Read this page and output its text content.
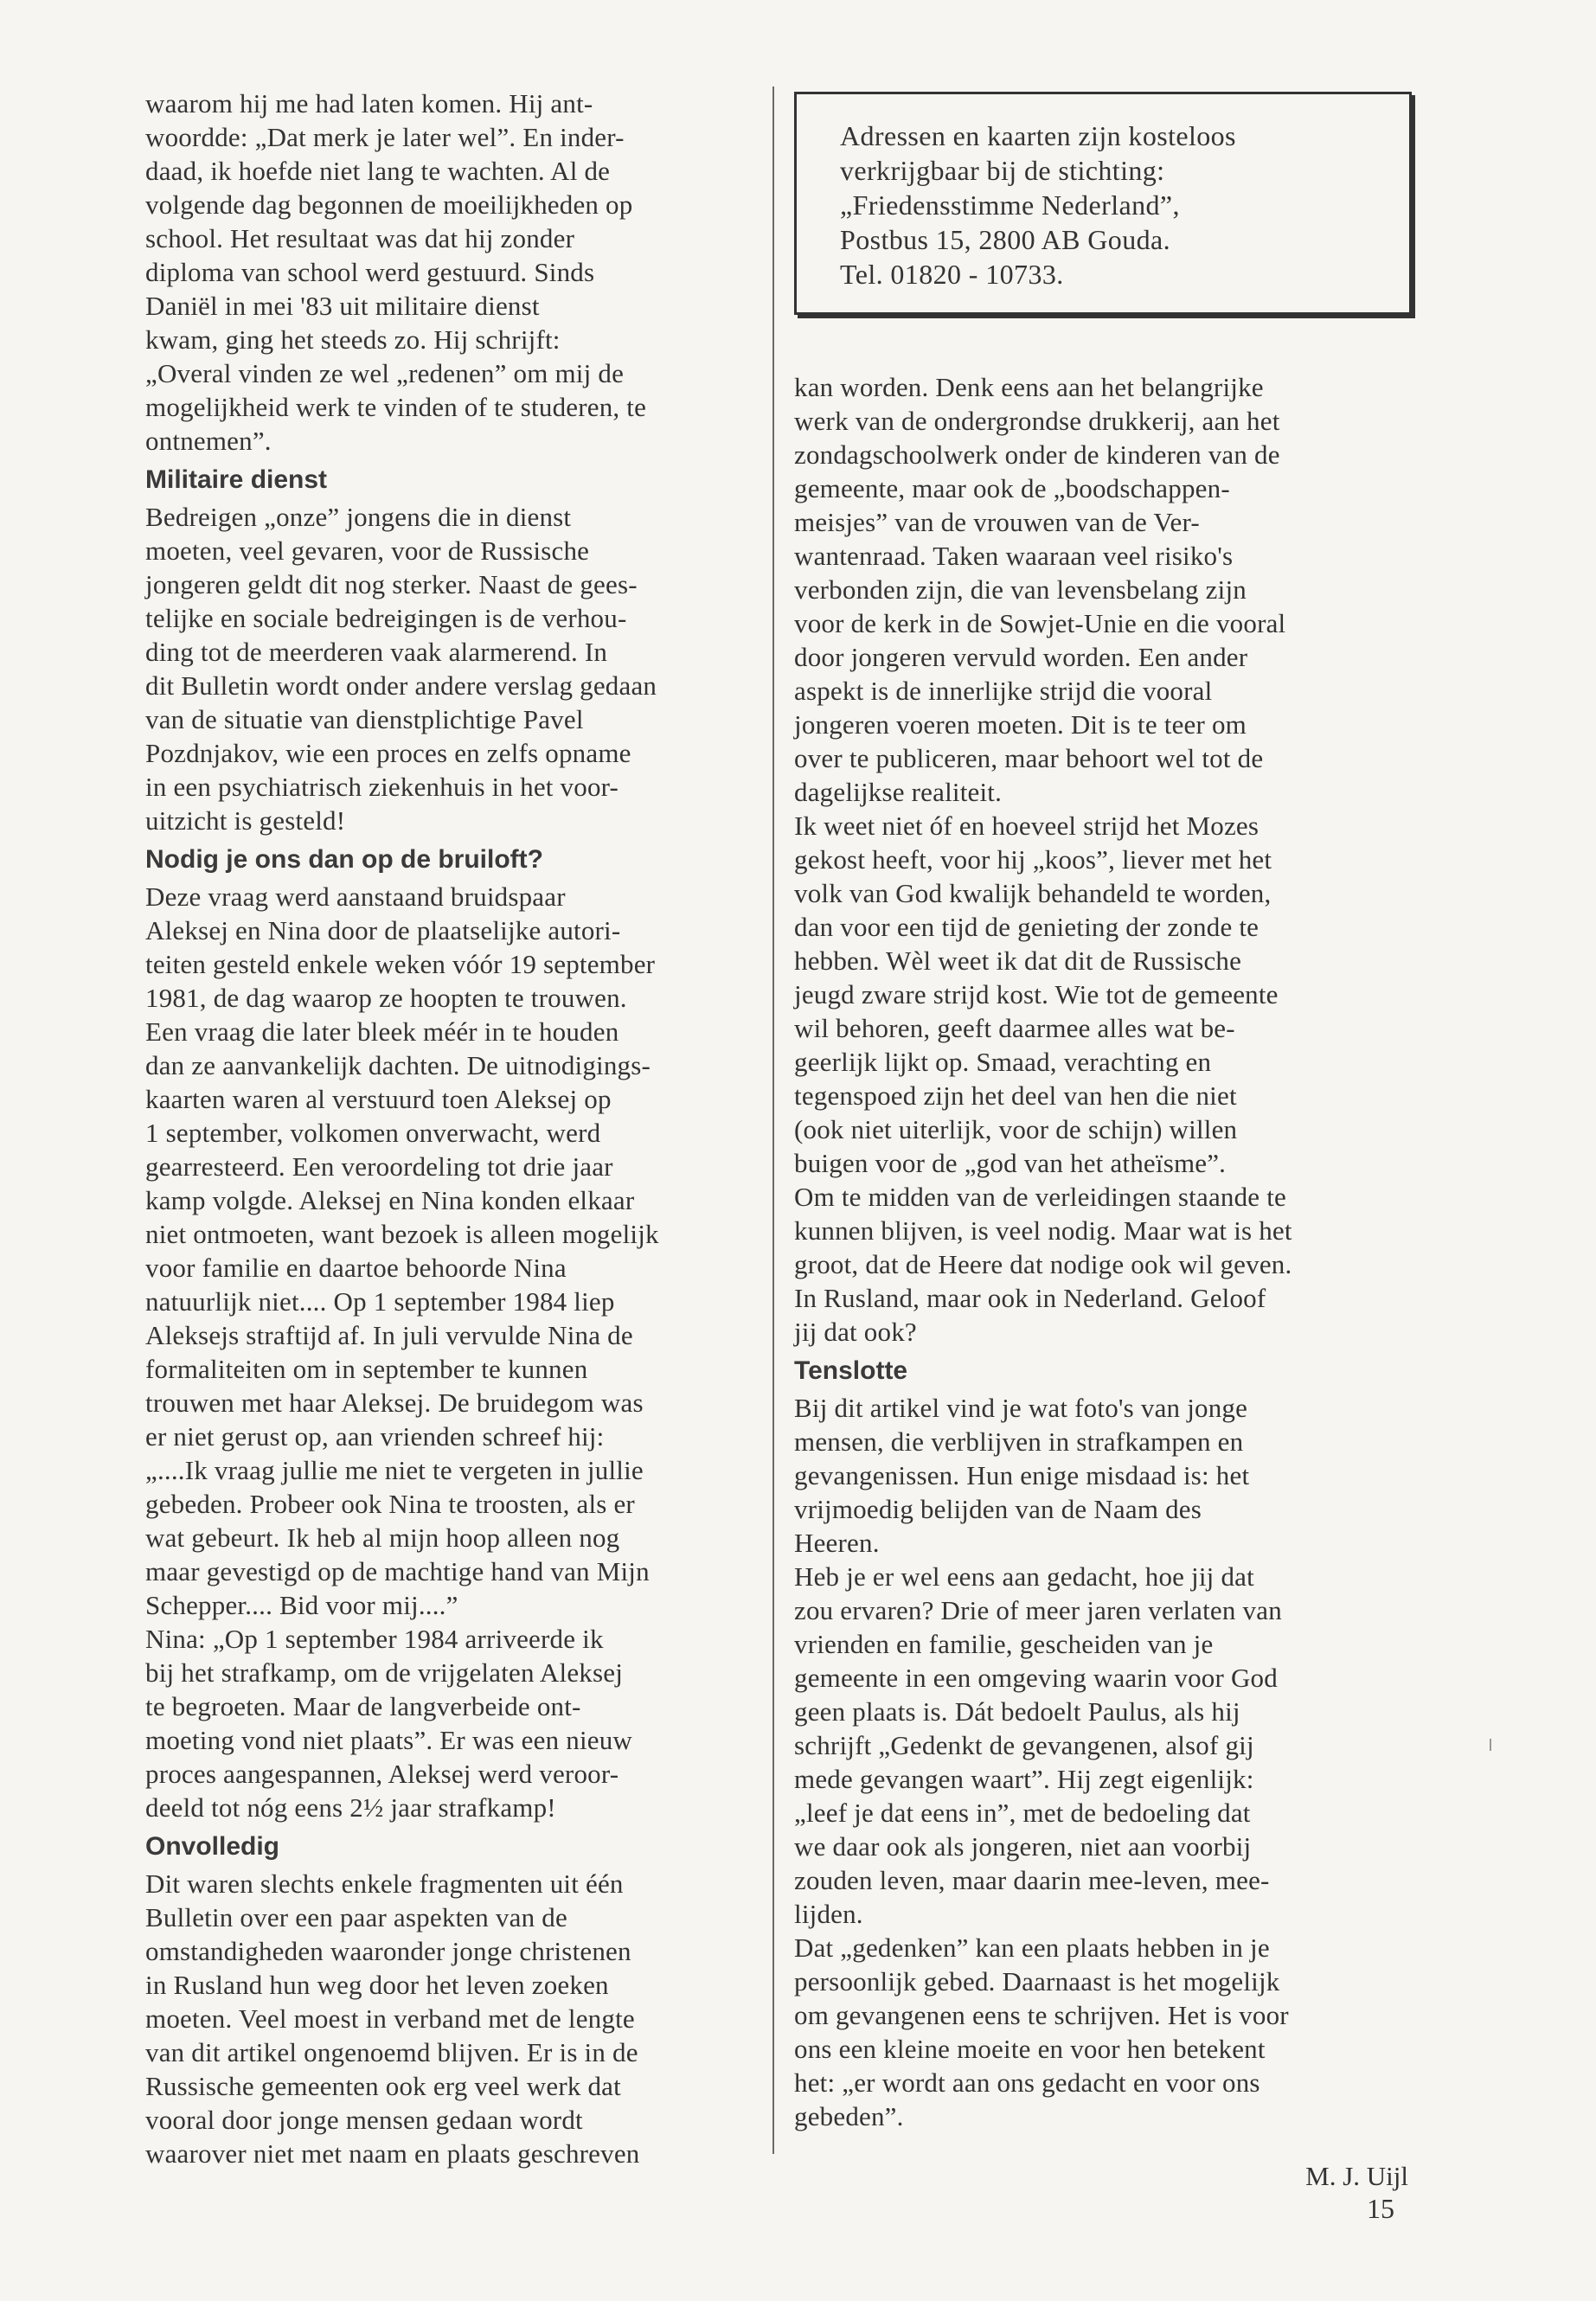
waarom hij me had laten komen. Hij ant-
woordde: „Dat merk je later wel”. En inder-
daad, ik hoefde niet lang te wachten. Al de
volgende dag begonnen de moeilijkheden op
school. Het resultaat was dat hij zonder
diploma van school werd gestuurd. Sinds
Daniël in mei '83 uit militaire dienst
kwam, ging het steeds zo. Hij schrijft:
„Overal vinden ze wel „redenen” om mij de
mogelijkheid werk te vinden of te studeren, te
ontnemen”.

Militaire dienst

Bedreigen „onze” jongens die in dienst
moeten, veel gevaren, voor de Russische
jongeren geldt dit nog sterker. Naast de gees-
telijke en sociale bedreigingen is de verhou-
ding tot de meerderen vaak alarmerend. In
dit Bulletin wordt onder andere verslag gedaan
van de situatie van dienstplichtige Pavel
Pozdnjakov, wie een proces en zelfs opname
in een psychiatrisch ziekenhuis in het voor-
uitzicht is gesteld!

Nodig je ons dan op de bruiloft?

Deze vraag werd aanstaand bruidspaar
Aleksej en Nina door de plaatselijke autori-
teiten gesteld enkele weken vóór 19 september
1981, de dag waarop ze hoopten te trouwen.
Een vraag die later bleek méér in te houden
dan ze aanvankelijk dachten. De uitnodigings-
kaarten waren al verstuurd toen Aleksej op
1 september, volkomen onverwacht, werd
gearresteerd. Een veroordeling tot drie jaar
kamp volgde. Aleksej en Nina konden elkaar
niet ontmoeten, want bezoek is alleen mogelijk
voor familie en daartoe behoorde Nina
natuurlijk niet.... Op 1 september 1984 liep
Aleksejs straftijd af. In juli vervulde Nina de
formaliteiten om in september te kunnen
trouwen met haar Aleksej. De bruidegom was
er niet gerust op, aan vrienden schreef hij:
„....Ik vraag jullie me niet te vergeten in jullie
gebeden. Probeer ook Nina te troosten, als er
wat gebeurt. Ik heb al mijn hoop alleen nog
maar gevestigd op de machtige hand van Mijn
Schepper.... Bid voor mij....”
Nina: „Op 1 september 1984 arriveerde ik
bij het strafkamp, om de vrijgelaten Aleksej
te begroeten. Maar de langverbeide ont-
moeting vond niet plaats”. Er was een nieuw
proces aangespannen, Aleksej werd veroor-
deeld tot nóg eens 2½ jaar strafkamp!

Onvolledig

Dit waren slechts enkele fragmenten uit één
Bulletin over een paar aspekten van de
omstandigheden waaronder jonge christenen
in Rusland hun weg door het leven zoeken
moeten. Veel moest in verband met de lengte
van dit artikel ongenoemd blijven. Er is in de
Russische gemeenten ook erg veel werk dat
vooral door jonge mensen gedaan wordt
waarover niet met naam en plaats geschreven

Adressen en kaarten zijn kosteloos
verkrijgbaar bij de stichting:
„Friedensstimme Nederland”,
Postbus 15, 2800 AB Gouda.
Tel. 01820 - 10733.

kan worden. Denk eens aan het belangrijke
werk van de ondergrondse drukkerij, aan het
zondagschoolwerk onder de kinderen van de
gemeente, maar ook de „boodschappen-
meisjes” van de vrouwen van de Ver-
wantenraad. Taken waaraan veel risiko's
verbonden zijn, die van levensbelang zijn
voor de kerk in de Sowjet-Unie en die vooral
door jongeren vervuld worden. Een ander
aspekt is de innerlijke strijd die vooral
jongeren voeren moeten. Dit is te teer om
over te publiceren, maar behoort wel tot de
dagelijkse realiteit.
Ik weet niet óf en hoeveel strijd het Mozes
gekost heeft, voor hij „koos”, liever met het
volk van God kwalijk behandeld te worden,
dan voor een tijd de genieting der zonde te
hebben. Wèl weet ik dat dit de Russische
jeugd zware strijd kost. Wie tot de gemeente
wil behoren, geeft daarmee alles wat be-
geerlijk lijkt op. Smaad, verachting en
tegenspoed zijn het deel van hen die niet
(ook niet uiterlijk, voor de schijn) willen
buigen voor de „god van het atheïsme”.
Om te midden van de verleidingen staande te
kunnen blijven, is veel nodig. Maar wat is het
groot, dat de Heere dat nodige ook wil geven.
In Rusland, maar ook in Nederland. Geloof
jij dat ook?

Tenslotte

Bij dit artikel vind je wat foto's van jonge
mensen, die verblijven in strafkampen en
gevangenissen. Hun enige misdaad is: het
vrijmoedig belijden van de Naam des
Heeren.
Heb je er wel eens aan gedacht, hoe jij dat
zou ervaren? Drie of meer jaren verlaten van
vrienden en familie, gescheiden van je
gemeente in een omgeving waarin voor God
geen plaats is. Dát bedoelt Paulus, als hij
schrijft „Gedenkt de gevangenen, alsof gij
mede gevangen waart”. Hij zegt eigenlijk:
„leef je dat eens in”, met de bedoeling dat
we daar ook als jongeren, niet aan voorbij
zouden leven, maar daarin mee-leven, mee-
lijden.
Dat „gedenken” kan een plaats hebben in je
persoonlijk gebed. Daarnaast is het mogelijk
om gevangenen eens te schrijven. Het is voor
ons een kleine moeite en voor hen betekent
het: „er wordt aan ons gedacht en voor ons
gebeden”.

M. J. Uijl
15
